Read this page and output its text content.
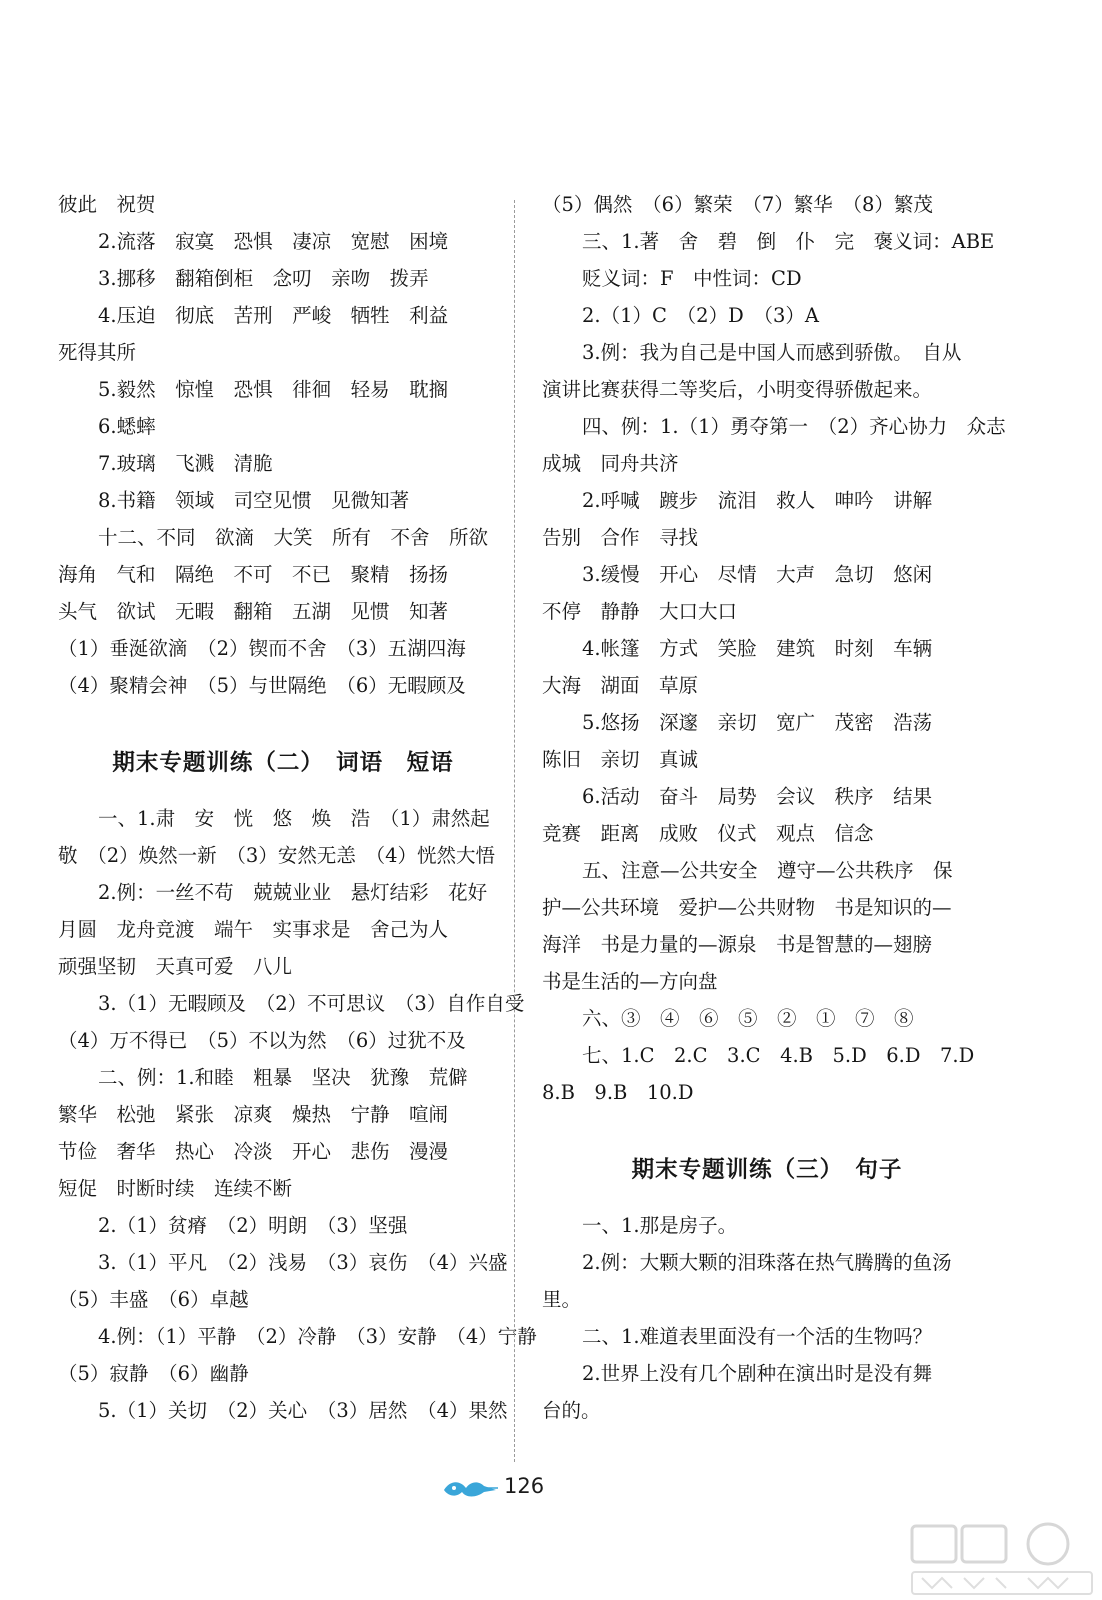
彼此　祝贺
2.流落　寂寞　恐惧　凄凉　宽慰　困境
3.挪移　翻箱倒柜　念叨　亲吻　拨弄
4.压迫　彻底　苦刑　严峻　牺牲　利益
死得其所
5.毅然　惊惶　恐惧　徘徊　轻易　耽搁
6.蟋蟀
7.玻璃　飞溅　清脆
8.书籍　领域　司空见惯　见微知著
十二、不同　欲滴　大笑　所有　不舍　所欲
海角　气和　隔绝　不可　不已　聚精　扬扬
头气　欲试　无暇　翻箱　五湖　见惯　知著
（1）垂涎欲滴　（2）锲而不舍　（3）五湖四海
（4）聚精会神　（5）与世隔绝　（6）无暇顾及
期末专题训练（二）　词语　短语
一、1.肃　安　恍　悠　焕　浩　（1）肃然起
敬　（2）焕然一新　（3）安然无恙　（4）恍然大悟
2.例：一丝不苟　兢兢业业　悬灯结彩　花好
月圆　龙舟竞渡　端午　实事求是　舍己为人
顽强坚韧　天真可爱　八儿
3.（1）无暇顾及　（2）不可思议　（3）自作自受
（4）万不得已　（5）不以为然　（6）过犹不及
二、例：1.和睦　粗暴　坚决　犹豫　荒僻
繁华　松弛　紧张　凉爽　燥热　宁静　喧闹
节俭　奢华　热心　冷淡　开心　悲伤　漫漫
短促　时断时续　连续不断
2.（1）贫瘠　（2）明朗　（3）坚强
3.（1）平凡　（2）浅易　（3）哀伤　（4）兴盛
（5）丰盛　（6）卓越
4.例：（1）平静　（2）冷静　（3）安静　（4）宁静
（5）寂静　（6）幽静
5.（1）关切　（2）关心　（3）居然　（4）果然
（5）偶然　（6）繁荣　（7）繁华　（8）繁茂
三、1.著　舍　碧　倒　仆　完　褒义词：ABE
贬义词：F　中性词：CD
2.（1）C　（2）D　（3）A
3.例：我为自己是中国人而感到骄傲。　自从
演讲比赛获得二等奖后，小明变得骄傲起来。
四、例：1.（1）勇夺第一　（2）齐心协力　众志
成城　同舟共济
2.呼喊　踱步　流泪　救人　呻吟　讲解
告别　合作　寻找
3.缓慢　开心　尽情　大声　急切　悠闲
不停　静静　大口大口
4.帐篷　方式　笑脸　建筑　时刻　车辆
大海　湖面　草原
5.悠扬　深邃　亲切　宽广　茂密　浩荡
陈旧　亲切　真诚
6.活动　奋斗　局势　会议　秩序　结果
竞赛　距离　成败　仪式　观点　信念
五、注意—公共安全　遵守—公共秩序　保
护—公共环境　爱护—公共财物　书是知识的—
海洋　书是力量的—源泉　书是智慧的—翅膀
书是生活的—方向盘
六、③　④　⑥　⑤　②　①　⑦　⑧
七、1.C　2.C　3.C　4.B　5.D　6.D　7.D
8.B　9.B　10.D
期末专题训练（三）　句子
一、1.那是房子。
2.例：大颗大颗的泪珠落在热气腾腾的鱼汤
里。
二、1.难道表里面没有一个活的生物吗？
2.世界上没有几个剧种在演出时是没有舞
台的。
126
